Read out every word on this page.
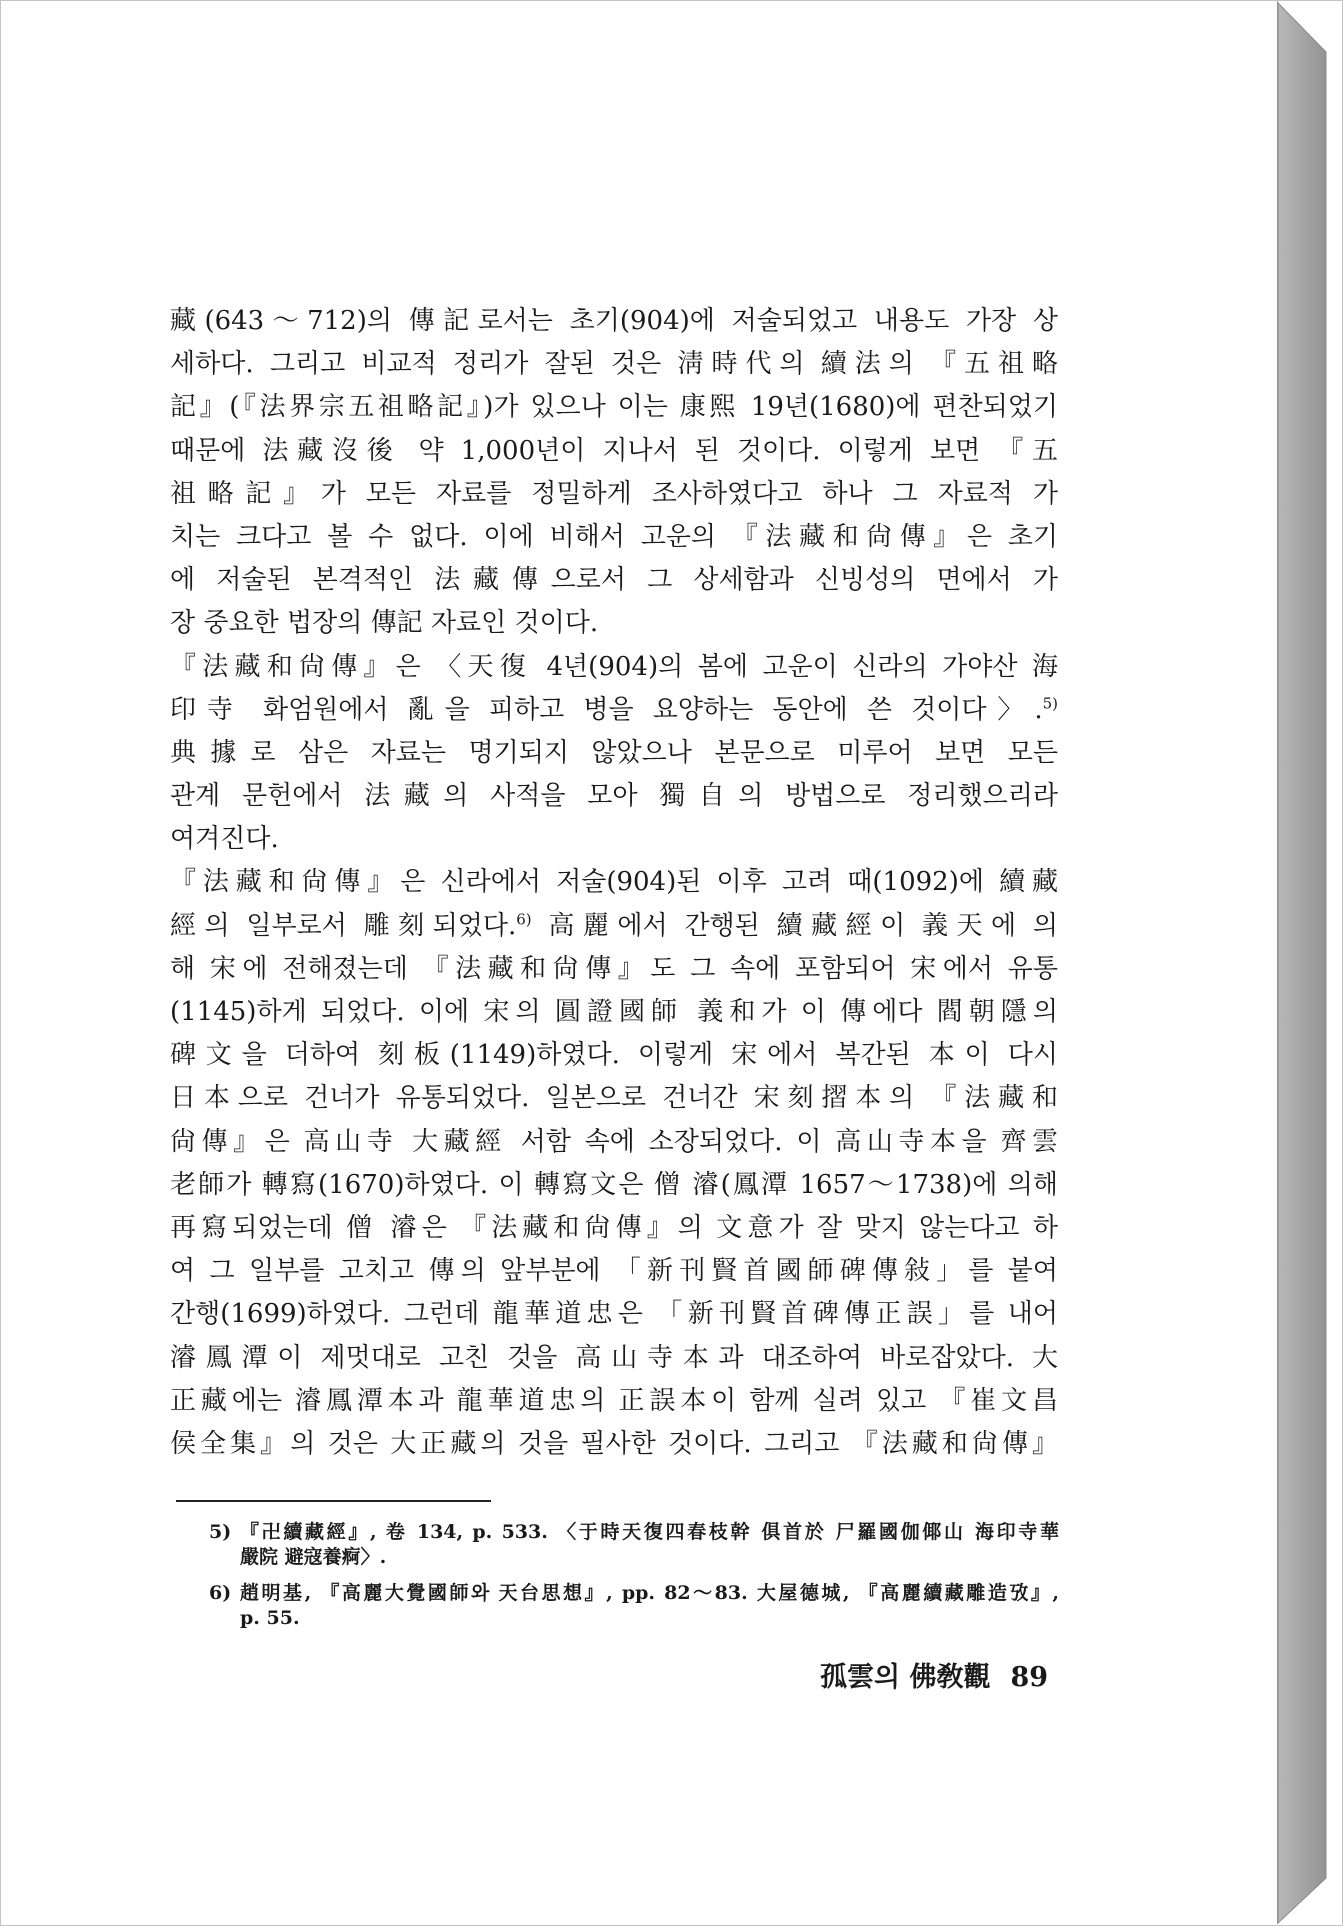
藏(643～712)의 傳記로서는 초기(904)에 저술되었고 내용도 가장 상
세하다. 그리고 비교적 정리가 잘된 것은 淸時代의 續法의 『五祖略
記』(『法界宗五祖略記』)가 있으나 이는 康熙 19년(1680)에 편찬되었기
때문에 法藏沒後 약 1,000년이 지나서 된 것이다. 이렇게 보면 『五
祖略記』가 모든 자료를 정밀하게 조사하였다고 하나 그 자료적 가
치는 크다고 볼 수 없다. 이에 비해서 고운의 『法藏和尙傳』은 초기
에 저술된 본격적인 法藏傳으로서 그 상세함과 신빙성의 면에서 가
장 중요한 법장의 傳記 자료인 것이다.
『法藏和尙傳』은 〈天復 4년(904)의 봄에 고운이 신라의 가야산 海
印寺 화엄원에서 亂을 피하고 병을 요양하는 동안에 쓴 것이다〉.$^{5)}$
典據로 삼은 자료는 명기되지 않았으나 본문으로 미루어 보면 모든
관계 문헌에서 法藏의 사적을 모아 獨自의 방법으로 정리했으리라
여겨진다.
『法藏和尙傳』은 신라에서 저술(904)된 이후 고려 때(1092)에 續藏
經의 일부로서 雕刻되었다.$^{6)}$ 高麗에서 간행된 續藏經이 義天에 의
해 宋에 전해졌는데 『法藏和尙傳』도 그 속에 포함되어 宋에서 유통
(1145)하게 되었다. 이에 宋의 圓證國師 義和가 이 傳에다 閻朝隱의
碑文을 더하여 刻板(1149)하였다. 이렇게 宋에서 복간된 本이 다시
日本으로 건너가 유통되었다. 일본으로 건너간 宋刻摺本의 『法藏和
尙傳』은 高山寺 大藏經 서함 속에 소장되었다. 이 高山寺本을 齊雲
老師가 轉寫(1670)하였다. 이 轉寫文은 僧 濬(鳳潭 1657～1738)에 의해
再寫되었는데 僧 濬은 『法藏和尙傳』의 文意가 잘 맞지 않는다고 하
여 그 일부를 고치고 傳의 앞부분에 「新刊賢首國師碑傳敍」를 붙여
간행(1699)하였다. 그런데 龍華道忠은 「新刊賢首碑傳正誤」를 내어
濬鳳潭이 제멋대로 고친 것을 高山寺本과 대조하여 바로잡았다. 大
正藏에는 濬鳳潭本과 龍華道忠의 正誤本이 함께 실려 있고 『崔文昌
侯全集』의 것은 大正藏의 것을 필사한 것이다. 그리고 『法藏和尙傳』
5) 『卍續藏經』, 卷 134, p. 533. 〈于時天復四春枝幹 俱首於 尸羅國伽倻山 海印寺華
嚴院 避寇養痾〉.
6) 趙明基, 『高麗大覺國師와 天台思想』, pp. 82～83. 大屋德城, 『高麗續藏雕造攷』,
p. 55.
孤雲의 佛敎觀 89
